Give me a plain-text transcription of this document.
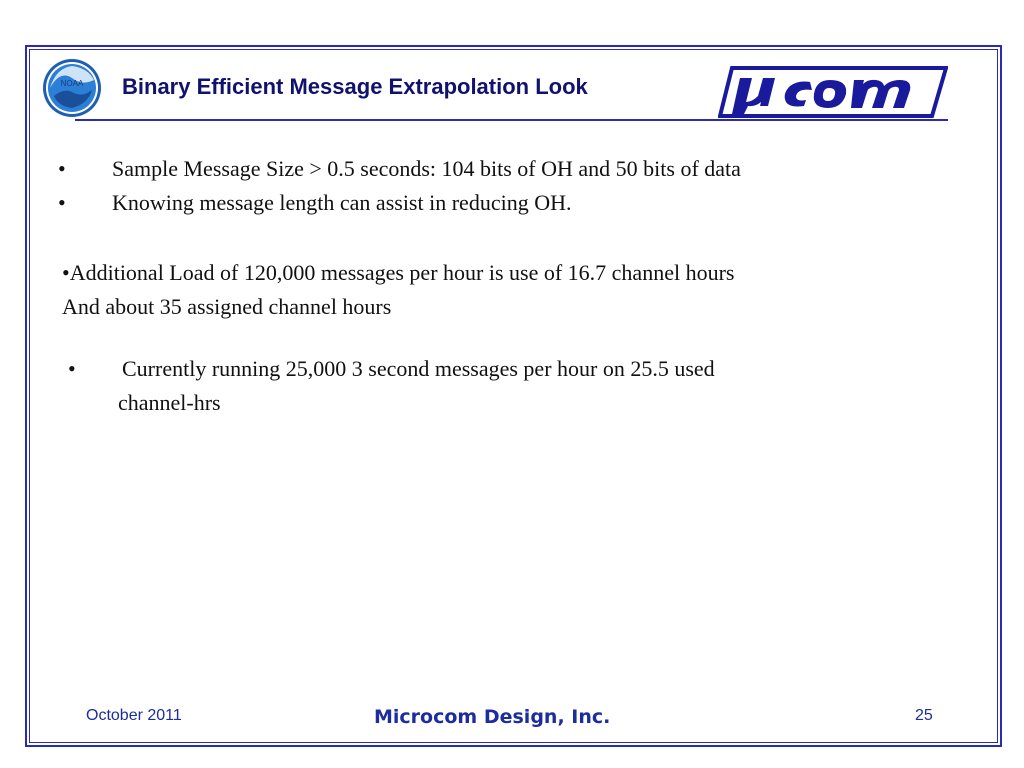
NOAA Binary Efficient Message Extrapolation Look
• Sample Message Size > 0.5 seconds: 104 bits of OH and 50 bits of data
• Knowing message length can assist in reducing OH.
•Additional Load of 120,000 messages per hour is use of 16.7 channel hours
And about 35 assigned channel hours
• Currently running 25,000 3 second messages per hour on 25.5 used
channel-hrs
October 2011	Microcom Design, Inc.	25
